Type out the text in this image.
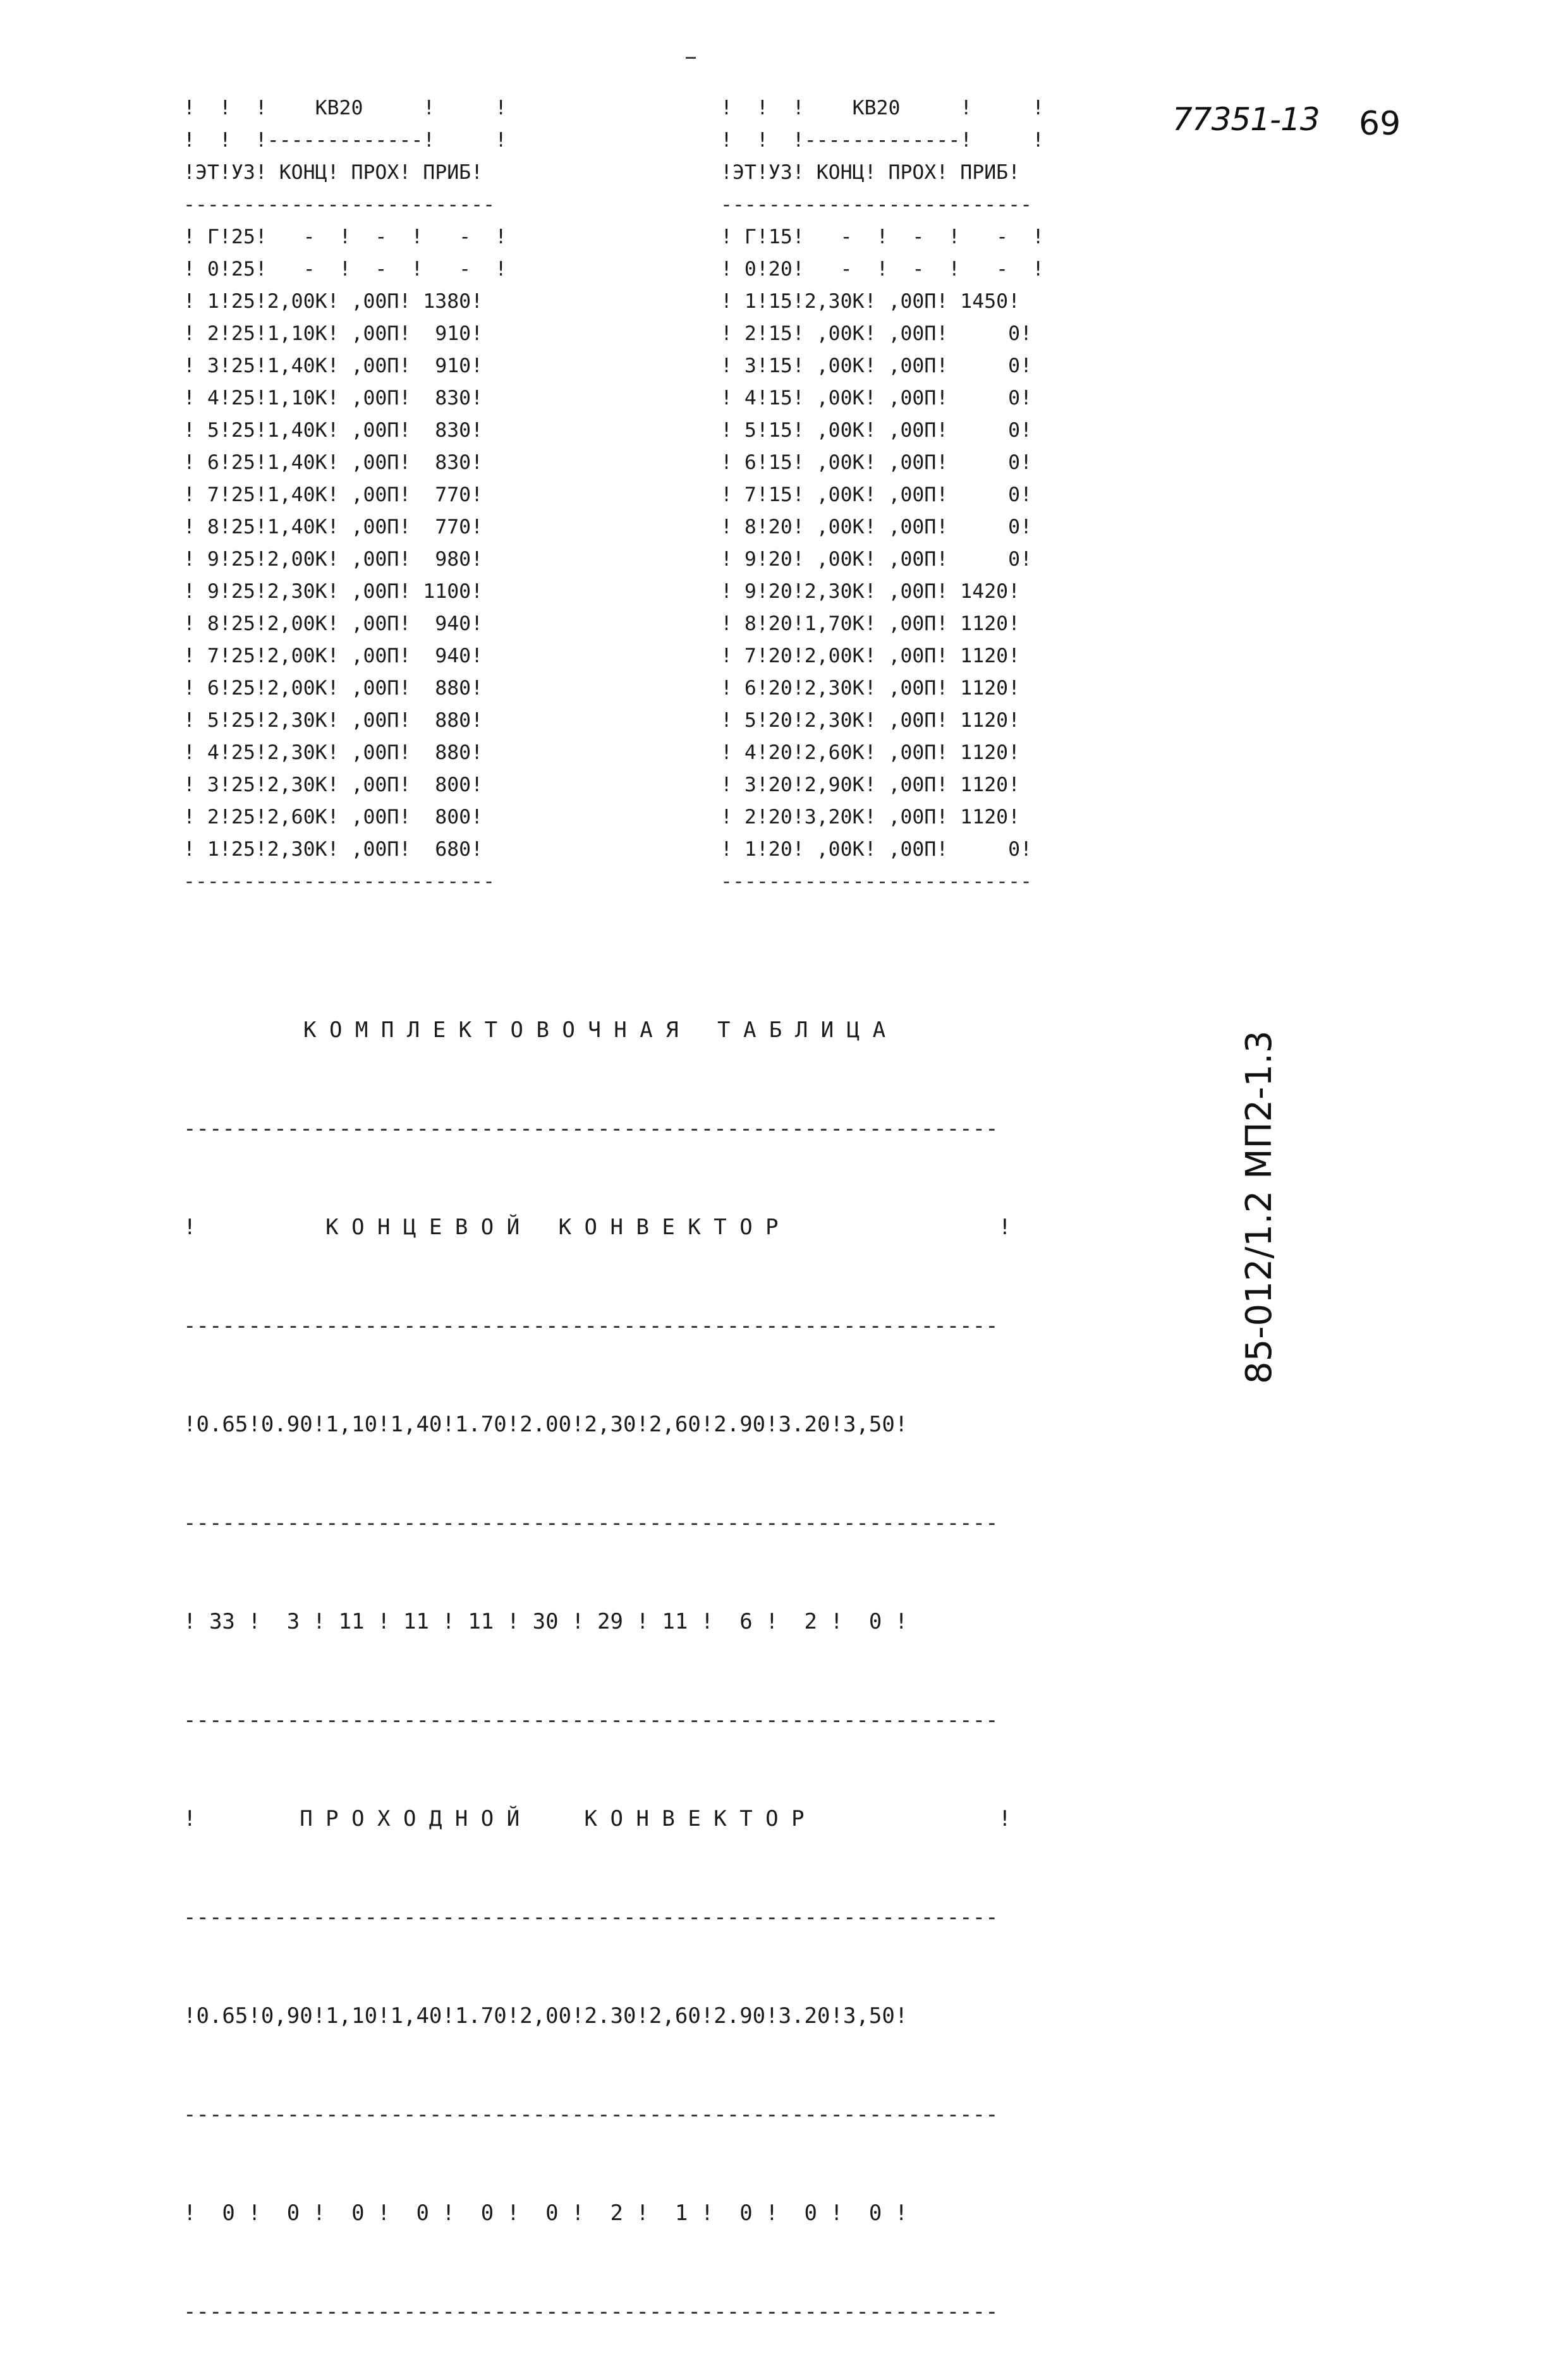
77351-13 69
!  !  !    КВ20     !     !
!  !  !-------------!     !
!ЭТ!УЗ! КОНЦ! ПРОХ! ПРИБ!
--------------------------
! Г!25!   -  !  -  !   -  !
! 0!25!   -  !  -  !   -  !
! 1!25!2,00К! ,00П! 1380!
! 2!25!1,10К! ,00П!  910!
! 3!25!1,40К! ,00П!  910!
! 4!25!1,10К! ,00П!  830!
! 5!25!1,40К! ,00П!  830!
! 6!25!1,40К! ,00П!  830!
! 7!25!1,40К! ,00П!  770!
! 8!25!1,40К! ,00П!  770!
! 9!25!2,00К! ,00П!  980!
! 9!25!2,30К! ,00П! 1100!
! 8!25!2,00К! ,00П!  940!
! 7!25!2,00К! ,00П!  940!
! 6!25!2,00К! ,00П!  880!
! 5!25!2,30К! ,00П!  880!
! 4!25!2,30К! ,00П!  880!
! 3!25!2,30К! ,00П!  800!
! 2!25!2,60К! ,00П!  800!
! 1!25!2,30К! ,00П!  680!
--------------------------
!  !  !    КВ20     !     !
!  !  !-------------!     !
!ЭТ!УЗ! КОНЦ! ПРОХ! ПРИБ!
--------------------------
! Г!15!   -  !  -  !   -  !
! 0!20!   -  !  -  !   -  !
! 1!15!2,30К! ,00П! 1450!
! 2!15! ,00К! ,00П!     0!
! 3!15! ,00К! ,00П!     0!
! 4!15! ,00К! ,00П!     0!
! 5!15! ,00К! ,00П!     0!
! 6!15! ,00К! ,00П!     0!
! 7!15! ,00К! ,00П!     0!
! 8!20! ,00К! ,00П!     0!
! 9!20! ,00К! ,00П!     0!
! 9!20!2,30К! ,00П! 1420!
! 8!20!1,70К! ,00П! 1120!
! 7!20!2,00К! ,00П! 1120!
! 6!20!2,30К! ,00П! 1120!
! 5!20!2,30К! ,00П! 1120!
! 4!20!2,60К! ,00П! 1120!
! 3!20!2,90К! ,00П! 1120!
! 2!20!3,20К! ,00П! 1120!
! 1!20! ,00К! ,00П!     0!
--------------------------

К О М П Л Е К Т О В О Ч Н А Я   Т А Б Л И Ц А

---------------------------------------------------------------

!          К О Н Ц Е В О Й   К О Н В Е К Т О Р                 !

---------------------------------------------------------------

!0.65!0.90!1,10!1,40!1.70!2.00!2,30!2,60!2.90!3.20!3,50!

---------------------------------------------------------------

! 33 !  3 ! 11 ! 11 ! 11 ! 30 ! 29 ! 11 !  6 !  2 !  0 !

---------------------------------------------------------------

!        П Р О Х О Д Н О Й     К О Н В Е К Т О Р               !

---------------------------------------------------------------

!0.65!0,90!1,10!1,40!1.70!2,00!2.30!2,60!2.90!3.20!3,50!

---------------------------------------------------------------

!  0 !  0 !  0 !  0 !  0 !  0 !  2 !  1 !  0 !  0 !  0 !

---------------------------------------------------------------

85-012/1.2 МП2-1.3
